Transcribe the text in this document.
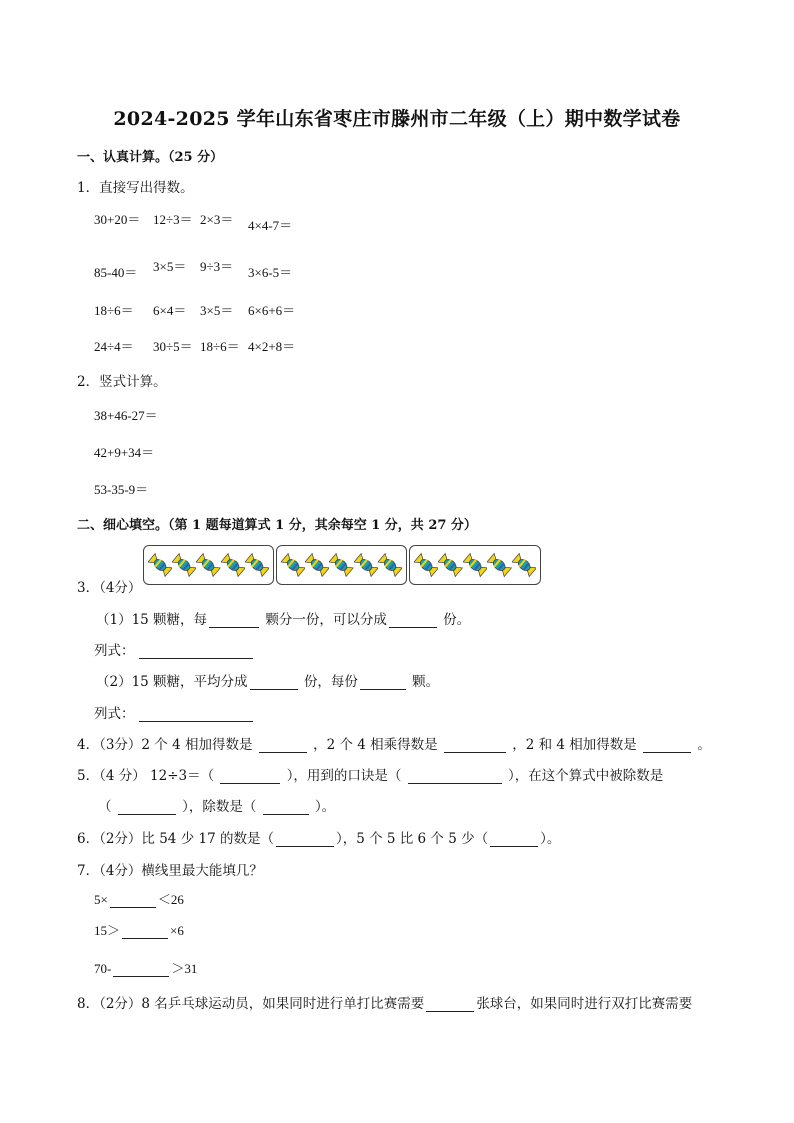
2024-2025 学年山东省枣庄市滕州市二年级（上）期中数学试卷
一、认真计算。（25 分）
1．直接写出得数。
30+20＝ 12÷3＝ 2×3＝ 4×4-7＝
85-40＝ 3×5＝ 9÷3＝ 3×6-5＝
18÷6＝ 6×4＝ 3×5＝ 6×6+6＝
24÷4＝ 30÷5＝ 18÷6＝ 4×2+8＝
2．竖式计算。
38+46-27＝
42+9+34＝
53-35-9＝
二、细心填空。（第 1 题每道算式 1 分，其余每空 1 分，共 27 分）
3．（4分）
（1）15 颗糖，每	颗分一份，可以分成	份。
列式：
（2）15 颗糖，平均分成	份，每份	颗。
列式：
4．（3分）2 个 4 相加得数是	，2 个 4 相乘得数是	，2 和 4 相加得数是	。
5．（4 分） 12÷3＝（	），用到的口诀是（	），在这个算式中被除数是
（	），除数是（	）。
6．（2分）比 54 少 17 的数是（	），5 个 5 比 6 个 5 少（	）。
7．（4分）横线里最大能填几？
5×	＜26
15＞	×6
70-	＞31
8．（2分）8 名乒乓球运动员，如果同时进行单打比赛需要	张球台，如果同时进行双打比赛需要
